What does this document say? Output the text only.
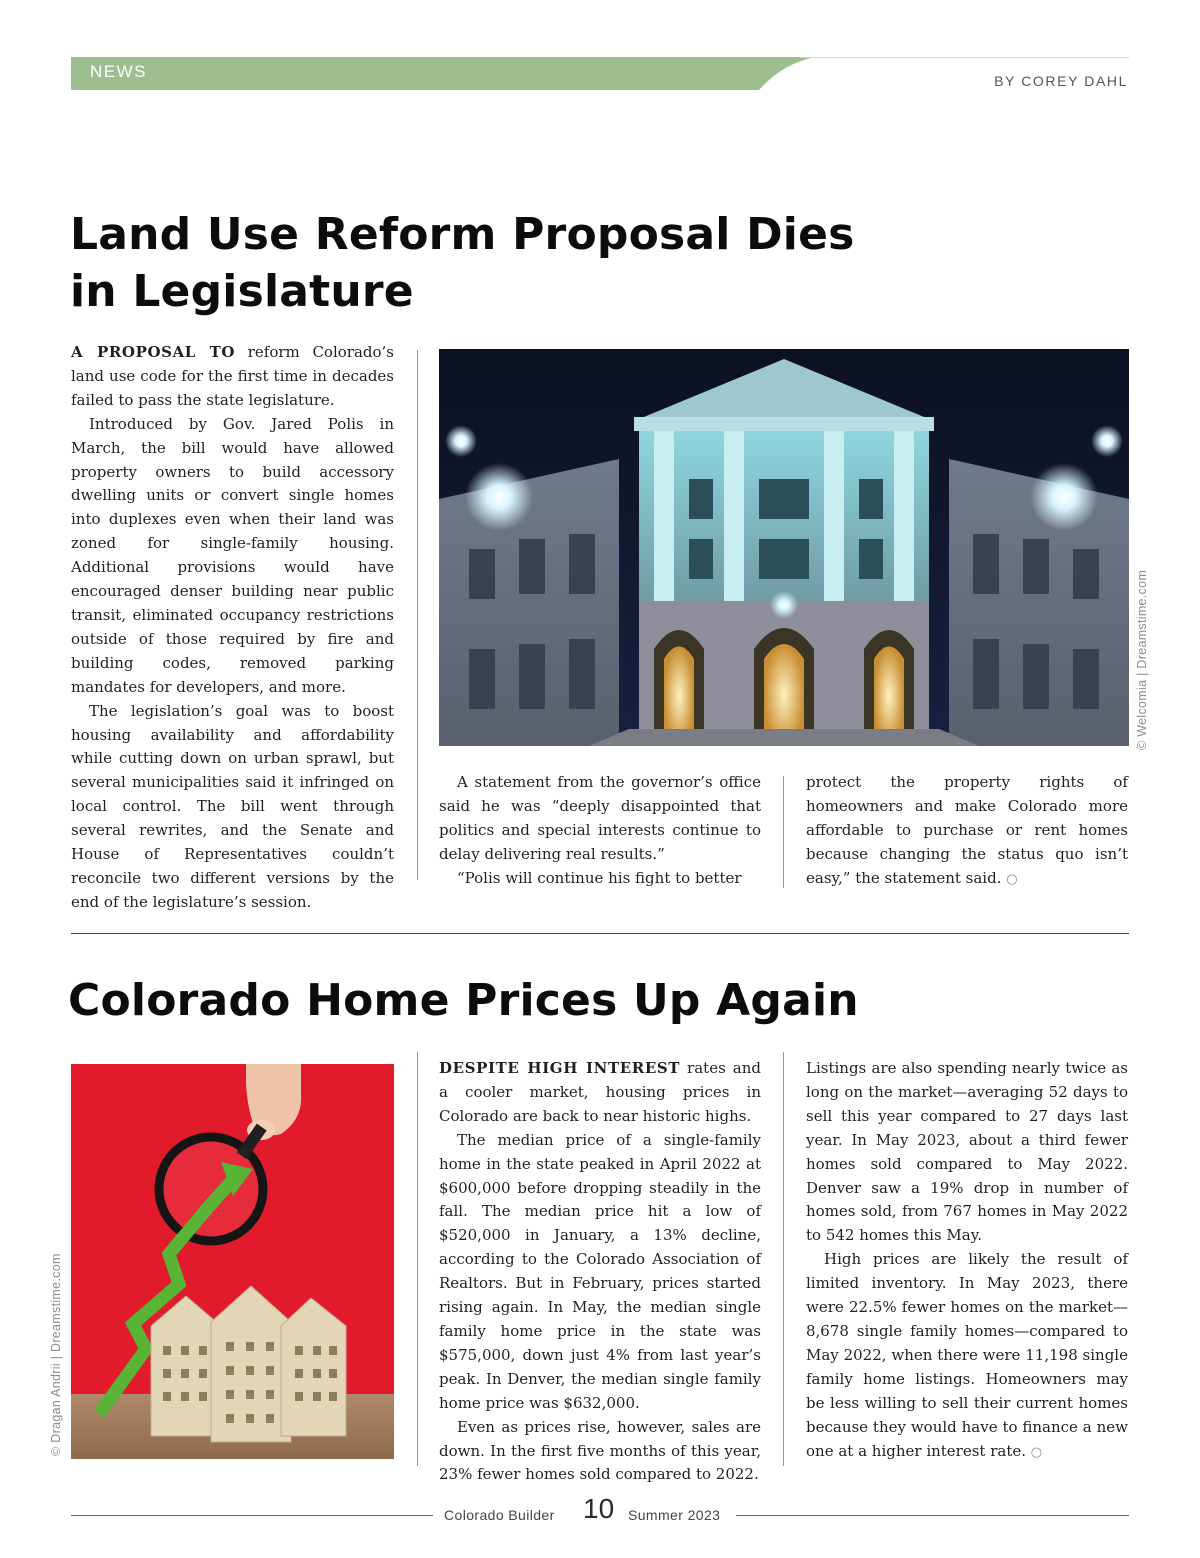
NEWS	BY COREY DAHL
Land Use Reform Proposal Dies
in Legislature

A PROPOSAL TO reform Colorado’s land use code for the first time in decades failed to pass the state legislature.

Introduced by Gov. Jared Polis in March, the bill would have allowed property owners to build accessory dwelling units or convert single homes into duplexes even when their land was zoned for single-family housing. Additional provisions would have encouraged denser building near public transit, eliminated occupancy restrictions outside of those required by fire and building codes, removed parking mandates for developers, and more.

The legislation’s goal was to boost housing availability and affordability while cutting down on urban sprawl, but several municipalities said it infringed on local control. The bill went through several rewrites, and the Senate and House of Representatives couldn’t reconcile two different versions by the end of the legislature’s session.

© Welcomia | Dreamstime.com

A statement from the governor’s office said he was “deeply disappointed that politics and special interests continue to delay delivering real results.”

“Polis will continue his fight to better

protect the property rights of homeowners and make Colorado more affordable to purchase or rent homes because changing the status quo isn’t easy,” the statement said. ○

Colorado Home Prices Up Again
© Dragan Andrii | Dreamstime.com

DESPITE HIGH INTEREST rates and a cooler market, housing prices in Colorado are back to near historic highs.

The median price of a single-family home in the state peaked in April 2022 at $600,000 before dropping steadily in the fall. The median price hit a low of $520,000 in January, a 13% decline, according to the Colorado Association of Realtors. But in February, prices started rising again. In May, the median single family home price in the state was $575,000, down just 4% from last year’s peak. In Denver, the median single family home price was $632,000.

Even as prices rise, however, sales are down. In the first five months of this year, 23% fewer homes sold compared to 2022.

Listings are also spending nearly twice as long on the market—averaging 52 days to sell this year compared to 27 days last year. In May 2023, about a third fewer homes sold compared to May 2022. Denver saw a 19% drop in number of homes sold, from 767 homes in May 2022 to 542 homes this May.

High prices are likely the result of limited inventory. In May 2023, there were 22.5% fewer homes on the market—8,678 single family homes—compared to May 2022, when there were 11,198 single family home listings. Homeowners may be less willing to sell their current homes because they would have to finance a new one at a higher interest rate. ○

Colorado Builder 10 Summer 2023
